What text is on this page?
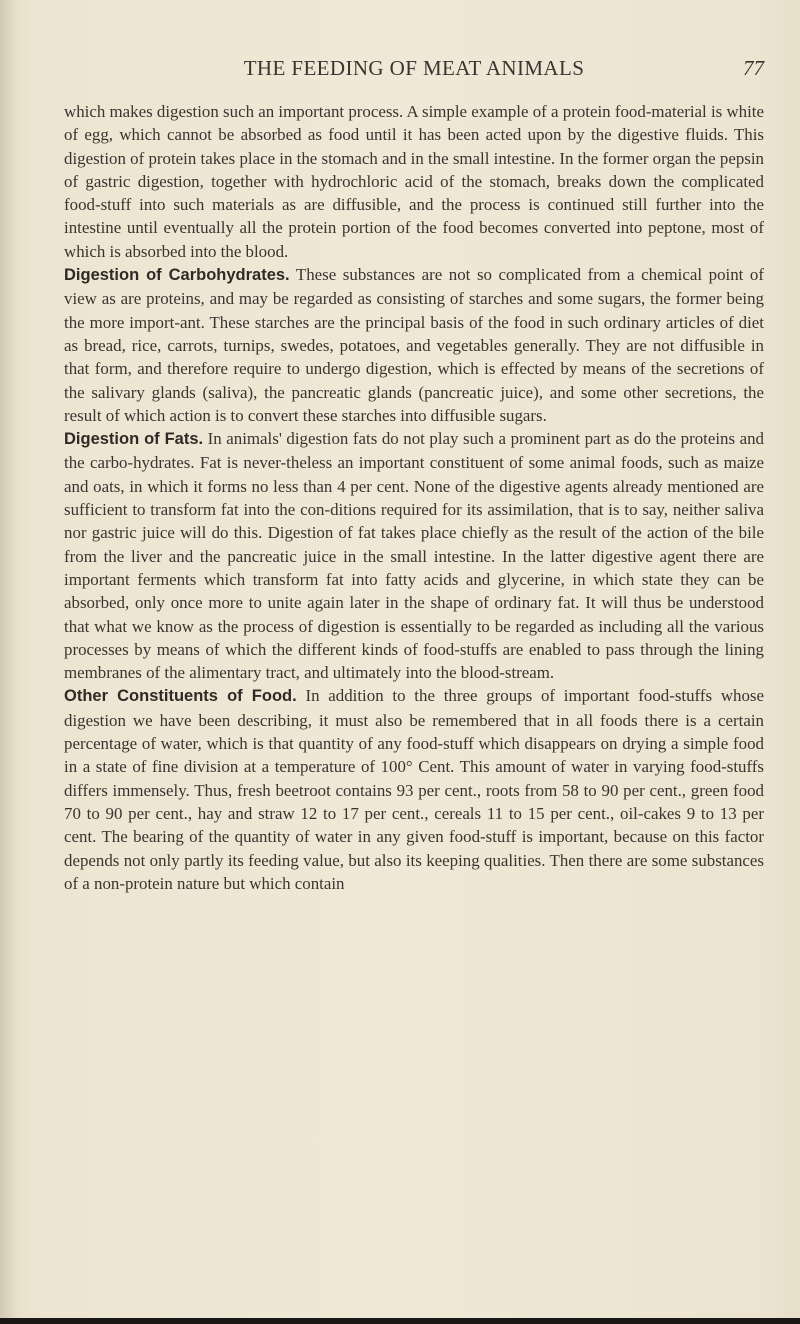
THE FEEDING OF MEAT ANIMALS	77

which makes digestion such an important process. A simple example of a protein food-material is white of egg, which cannot be absorbed as food until it has been acted upon by the digestive fluids. This digestion of protein takes place in the stomach and in the small intestine. In the former organ the pepsin of gastric digestion, together with hydrochloric acid of the stomach, breaks down the complicated food-stuff into such materials as are diffusible, and the process is continued still further into the intestine until eventually all the protein portion of the food becomes converted into peptone, most of which is absorbed into the blood.

Digestion of Carbohydrates. These substances are not so complicated from a chemical point of view as are proteins, and may be regarded as consisting of starches and some sugars, the former being the more import-ant. These starches are the principal basis of the food in such ordinary articles of diet as bread, rice, carrots, turnips, swedes, potatoes, and vegetables generally. They are not diffusible in that form, and therefore require to undergo digestion, which is effected by means of the secretions of the salivary glands (saliva), the pancreatic glands (pancreatic juice), and some other secretions, the result of which action is to convert these starches into diffusible sugars.

Digestion of Fats. In animals' digestion fats do not play such a prominent part as do the proteins and the carbo-hydrates. Fat is never-theless an important constituent of some animal foods, such as maize and oats, in which it forms no less than 4 per cent. None of the digestive agents already mentioned are sufficient to transform fat into the con-ditions required for its assimilation, that is to say, neither saliva nor gastric juice will do this. Digestion of fat takes place chiefly as the result of the action of the bile from the liver and the pancreatic juice in the small intestine. In the latter digestive agent there are important ferments which transform fat into fatty acids and glycerine, in which state they can be absorbed, only once more to unite again later in the shape of ordinary fat. It will thus be understood that what we know as the process of digestion is essentially to be regarded as including all the various processes by means of which the different kinds of food-stuffs are enabled to pass through the lining membranes of the alimentary tract, and ultimately into the blood-stream.

Other Constituents of Food. In addition to the three groups of important food-stuffs whose digestion we have been describing, it must also be remembered that in all foods there is a certain percentage of water, which is that quantity of any food-stuff which disappears on drying a simple food in a state of fine division at a temperature of 100° Cent. This amount of water in varying food-stuffs differs immensely. Thus, fresh beetroot contains 93 per cent., roots from 58 to 90 per cent., green food 70 to 90 per cent., hay and straw 12 to 17 per cent., cereals 11 to 15 per cent., oil-cakes 9 to 13 per cent. The bearing of the quantity of water in any given food-stuff is important, because on this factor depends not only partly its feeding value, but also its keeping qualities. Then there are some substances of a non-protein nature but which contain
